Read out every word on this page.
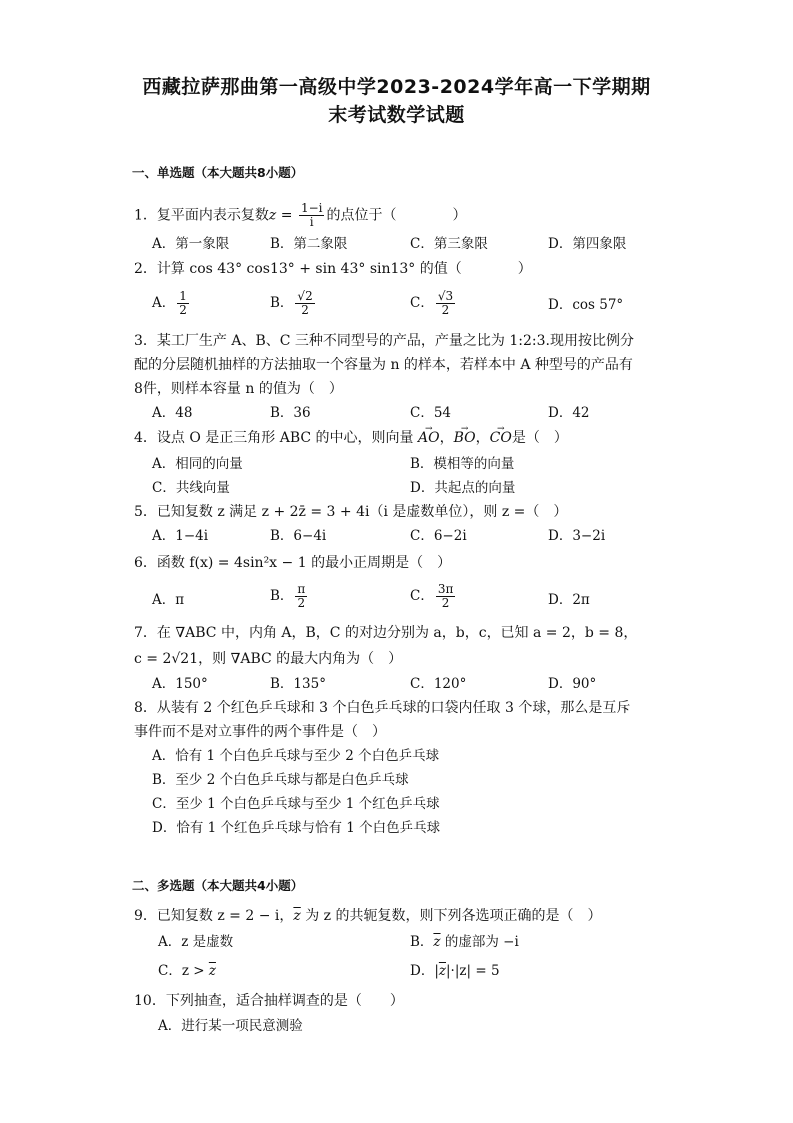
西藏拉萨那曲第一高级中学2023-2024学年高一下学期期
末考试数学试题
一、单选题（本大题共8小题）
1．复平面内表示复数$z = \frac{1-i}{i}$ 的点位于（　　　　）
A．第一象限	B．第二象限	C．第三象限	D．第四象限
2．计算 cos 43° cos13° + sin 43° sin13° 的值（　　　　）
A． $\frac{1}{2}$	B． $\frac{√2}{2}$	C． $\frac{√3}{2}$	D．cos 57°
3．某工厂生产 A、B、C 三种不同型号的产品，产量之比为 1:2:3.现用按比例分
配的分层随机抽样的方法抽取一个容量为 n 的样本，若样本中 A 种型号的产品有
8件，则样本容量 n 的值为（　）
A．48	B．36	C．54	D．42
4．设点 O 是正三角形 ABC 的中心，则向量 → AO，→ BO，→ CO是（　）
A．相同的向量	B．模相等的向量
C．共线向量	D．共起点的向量
5．已知复数 z 满足 z + 2z̄ = 3 + 4i（i 是虚数单位），则 z =（　）
A．1−4i	B．6−4i	C．6−2i	D．3−2i
6．函数 f(x) = 4sin²x − 1 的最小正周期是（　）
A．π	B． $\frac{\pi}{2}$	C． $\frac{3\pi}{2}$	D．2π
7．在 ∇ABC 中，内角 A，B，C 的对边分别为 a，b，c，已知 a = 2，b = 8，
c = 2√21，则 ∇ABC 的最大内角为（　）
A．150°	B．135°	C．120°	D．90°
8．从装有 2 个红色乒乓球和 3 个白色乒乓球的口袋内任取 3 个球，那么是互斥
事件而不是对立事件的两个事件是（　）
A．恰有 1 个白色乒乓球与至少 2 个白色乒乓球
B．至少 2 个白色乒乓球与都是白色乒乓球
C．至少 1 个白色乒乓球与至少 1 个红色乒乓球
D．恰有 1 个红色乒乓球与恰有 1 个白色乒乓球
二、多选题（本大题共4小题）
9．已知复数 z = 2 − i，$\overline{z}$ 为 z 的共轭复数，则下列各选项正确的是（　）
A．z 是虚数	B．$\overline{z}$ 的虚部为 −i
C．$z > \overline{z}$	D．$|\overline{z}|\cdot|z| = 5$
10．下列抽查，适合抽样调查的是（　　）
A．进行某一项民意测验
